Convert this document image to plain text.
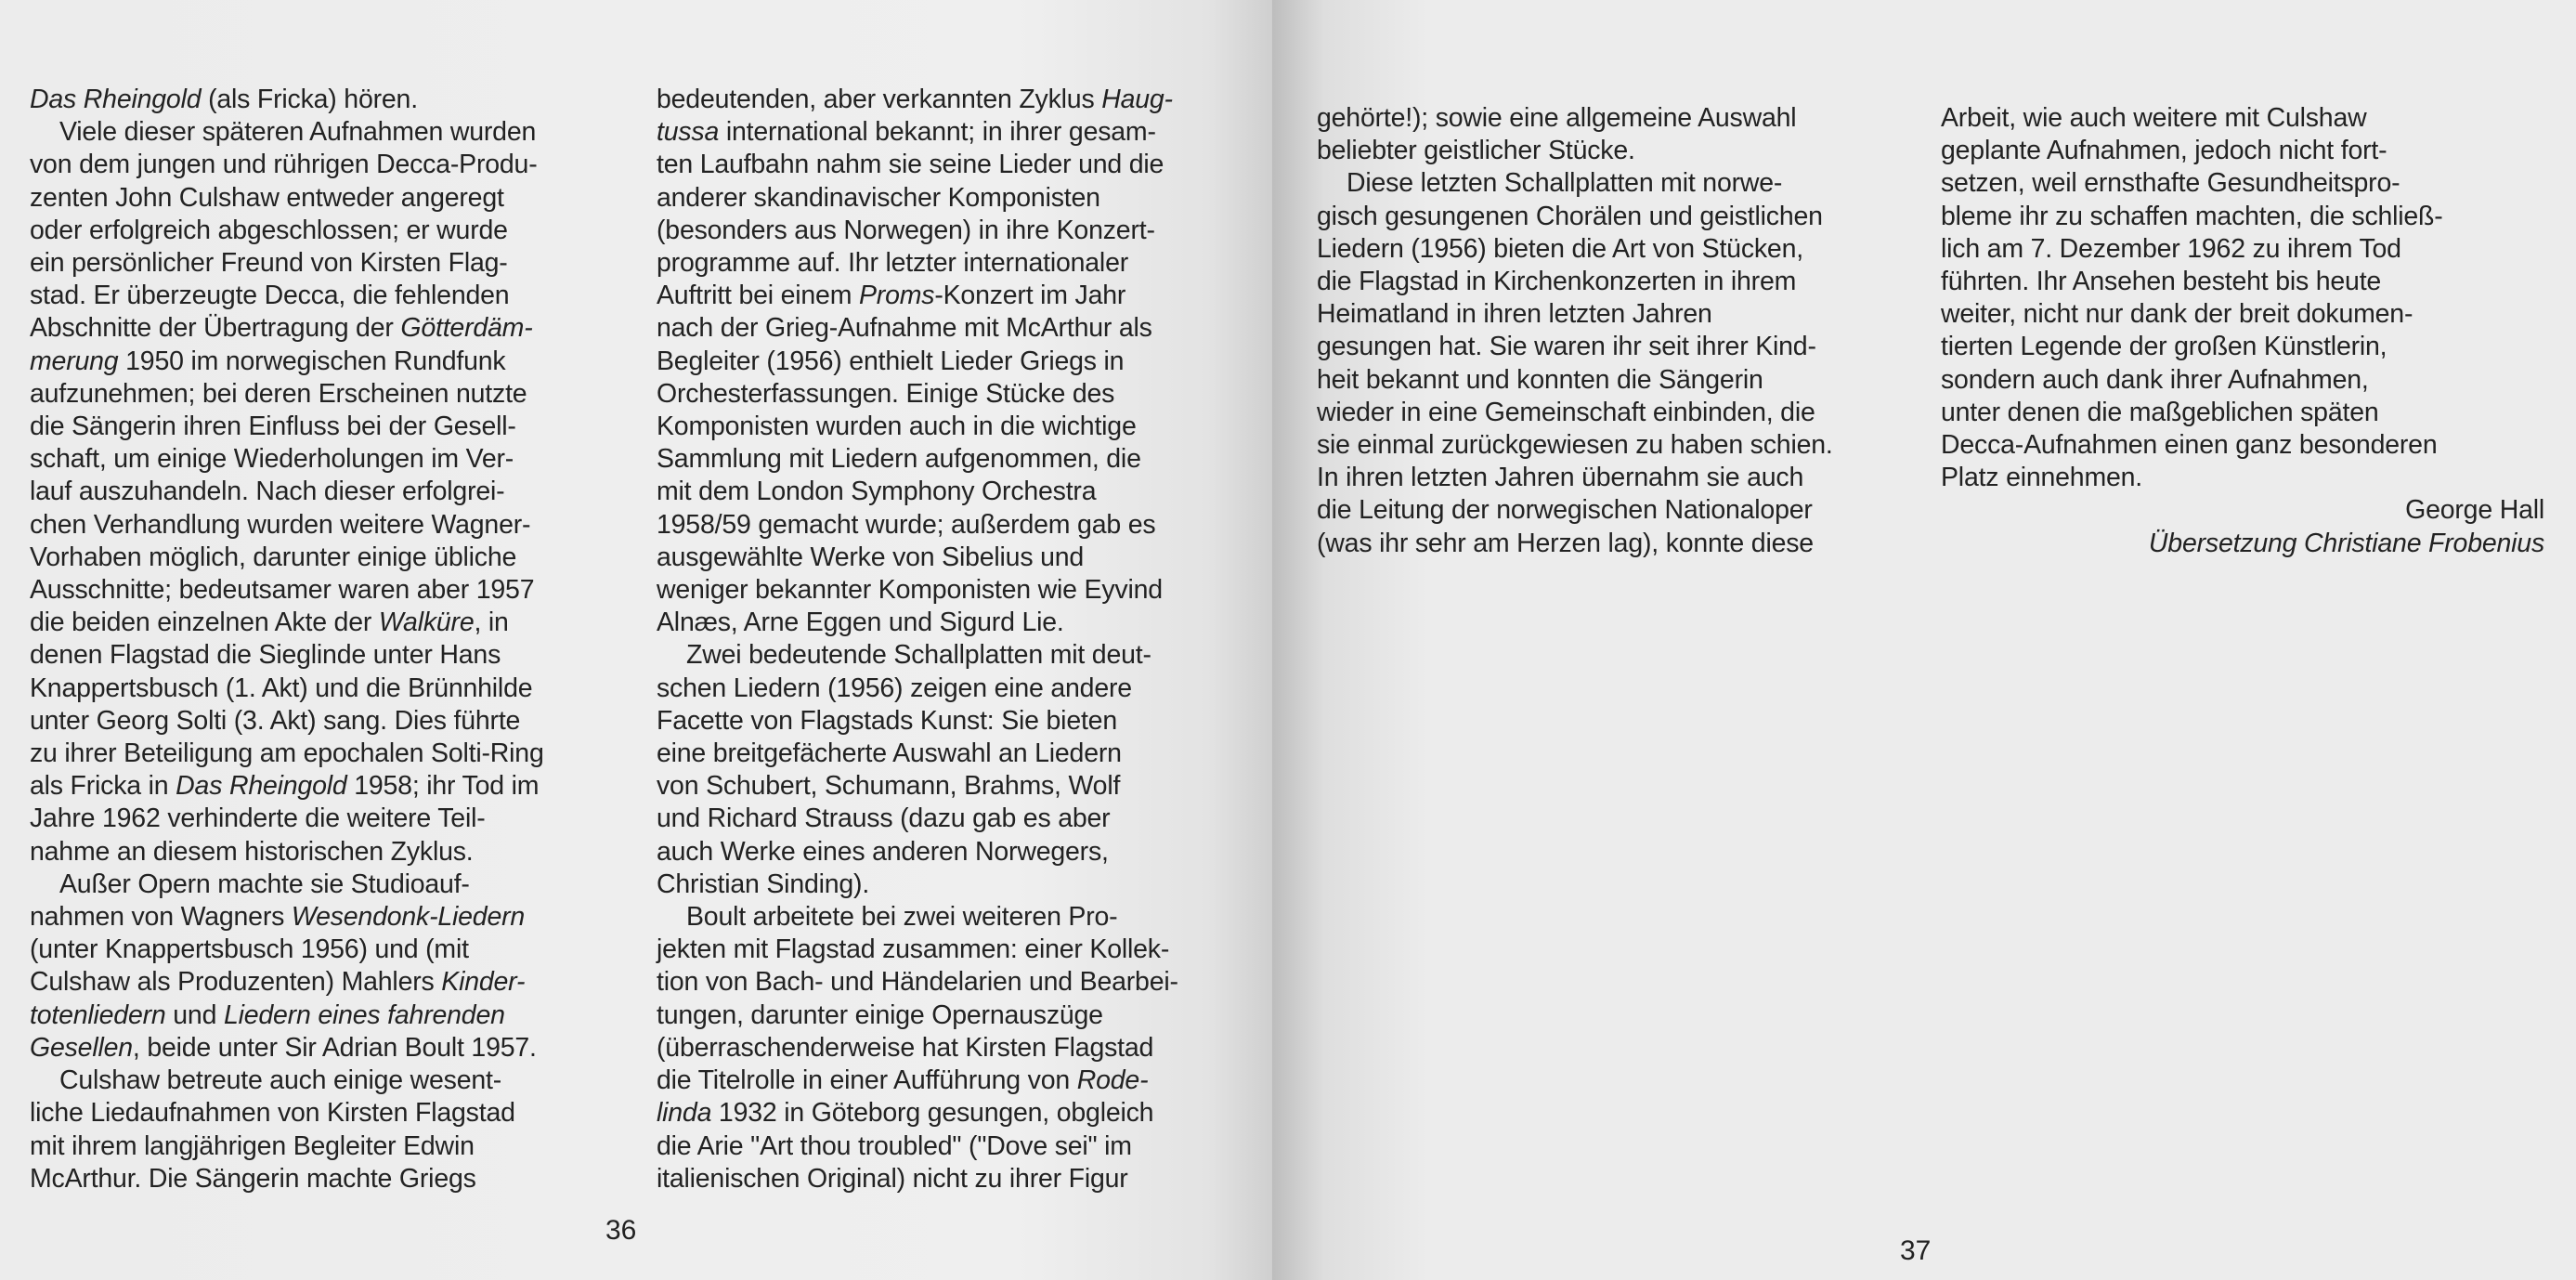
Das Rheingold (als Fricka) hören.

Viele dieser späteren Aufnahmen wurden
von dem jungen und rührigen Decca-Produ-
zenten John Culshaw entweder angeregt
oder erfolgreich abgeschlossen; er wurde
ein persönlicher Freund von Kirsten Flag-
stad. Er überzeugte Decca, die fehlenden
Abschnitte der Übertragung der Götterdäm-
merung 1950 im norwegischen Rundfunk
aufzunehmen; bei deren Erscheinen nutzte
die Sängerin ihren Einfluss bei der Gesell-
schaft, um einige Wiederholungen im Ver-
lauf auszuhandeln. Nach dieser erfolgrei-
chen Verhandlung wurden weitere Wagner-
Vorhaben möglich, darunter einige übliche
Ausschnitte; bedeutsamer waren aber 1957
die beiden einzelnen Akte der Walküre, in
denen Flagstad die Sieglinde unter Hans
Knappertsbusch (1. Akt) und die Brünnhilde
unter Georg Solti (3. Akt) sang. Dies führte
zu ihrer Beteiligung am epochalen Solti-Ring
als Fricka in Das Rheingold 1958; ihr Tod im
Jahre 1962 verhinderte die weitere Teil-
nahme an diesem historischen Zyklus.

Außer Opern machte sie Studioauf-
nahmen von Wagners Wesendonk-Liedern
(unter Knappertsbusch 1956) und (mit
Culshaw als Produzenten) Mahlers Kinder-
totenliedern und Liedern eines fahrenden
Gesellen, beide unter Sir Adrian Boult 1957.

Culshaw betreute auch einige wesent-
liche Liedaufnahmen von Kirsten Flagstad
mit ihrem langjährigen Begleiter Edwin
McArthur. Die Sängerin machte Griegs

bedeutenden, aber verkannten Zyklus Haug-
tussa international bekannt; in ihrer gesam-
ten Laufbahn nahm sie seine Lieder und die
anderer skandinavischer Komponisten
(besonders aus Norwegen) in ihre Konzert-
programme auf. Ihr letzter internationaler
Auftritt bei einem Proms-Konzert im Jahr
nach der Grieg-Aufnahme mit McArthur als
Begleiter (1956) enthielt Lieder Griegs in
Orchesterfassungen. Einige Stücke des
Komponisten wurden auch in die wichtige
Sammlung mit Liedern aufgenommen, die
mit dem London Symphony Orchestra
1958/59 gemacht wurde; außerdem gab es
ausgewählte Werke von Sibelius und
weniger bekannter Komponisten wie Eyvind
Alnæs, Arne Eggen und Sigurd Lie.

Zwei bedeutende Schallplatten mit deut-
schen Liedern (1956) zeigen eine andere
Facette von Flagstads Kunst: Sie bieten
eine breitgefächerte Auswahl an Liedern
von Schubert, Schumann, Brahms, Wolf
und Richard Strauss (dazu gab es aber
auch Werke eines anderen Norwegers,
Christian Sinding).

Boult arbeitete bei zwei weiteren Pro-
jekten mit Flagstad zusammen: einer Kollek-
tion von Bach- und Händelarien und Bearbei-
tungen, darunter einige Opernauszüge
(überraschenderweise hat Kirsten Flagstad
die Titelrolle in einer Aufführung von Rode-
linda 1932 in Göteborg gesungen, obgleich
die Arie "Art thou troubled" ("Dove sei" im
italienischen Original) nicht zu ihrer Figur

36

gehörte!); sowie eine allgemeine Auswahl
beliebter geistlicher Stücke.

Diese letzten Schallplatten mit norwe-
gisch gesungenen Chorälen und geistlichen
Liedern (1956) bieten die Art von Stücken,
die Flagstad in Kirchenkonzerten in ihrem
Heimatland in ihren letzten Jahren
gesungen hat. Sie waren ihr seit ihrer Kind-
heit bekannt und konnten die Sängerin
wieder in eine Gemeinschaft einbinden, die
sie einmal zurückgewiesen zu haben schien.
In ihren letzten Jahren übernahm sie auch
die Leitung der norwegischen Nationaloper
(was ihr sehr am Herzen lag), konnte diese

Arbeit, wie auch weitere mit Culshaw
geplante Aufnahmen, jedoch nicht fort-
setzen, weil ernsthafte Gesundheitspro-
bleme ihr zu schaffen machten, die schließ-
lich am 7. Dezember 1962 zu ihrem Tod
führten. Ihr Ansehen besteht bis heute
weiter, nicht nur dank der breit dokumen-
tierten Legende der großen Künstlerin,
sondern auch dank ihrer Aufnahmen,
unter denen die maßgeblichen späten
Decca-Aufnahmen einen ganz besonderen
Platz einnehmen.

George Hall

Übersetzung Christiane Frobenius

37
